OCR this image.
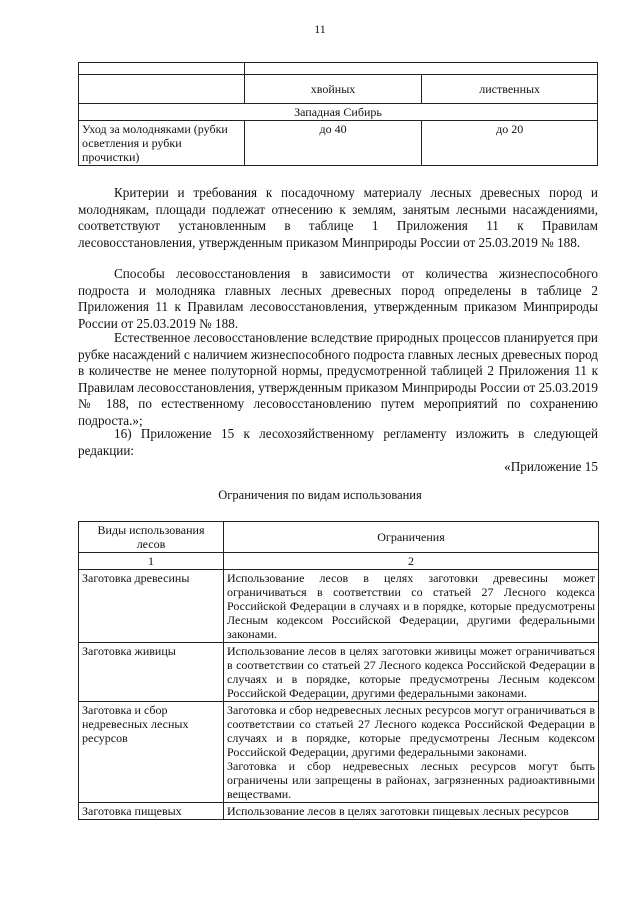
11

	хвойных	лиственных
Западная Сибирь		
Уход за молодняками (рубки осветления и рубки прочистки)	до 40	до 20
Критерии и требования к посадочному материалу лесных древесных пород и молоднякам, площади подлежат отнесению к землям, занятым лесными насаждениями, соответствуют установленным в таблице 1 Приложения 11 к Правилам лесовосстановления, утвержденным приказом Минприроды России от 25.03.2019 № 188.
Способы лесовосстановления в зависимости от количества жизнеспособного подроста и молодняка главных лесных древесных пород определены в таблице 2 Приложения 11 к Правилам лесовосстановления, утвержденным приказом Минприроды России от 25.03.2019 № 188.
Естественное лесовосстановление вследствие природных процессов планируется при рубке насаждений с наличием жизнеспособного подроста главных лесных древесных пород в количестве не менее полуторной нормы, предусмотренной таблицей 2 Приложения 11 к Правилам лесовосстановления, утвержденным приказом Минприроды России от 25.03.2019 № 188, по естественному лесовосстановлению путем мероприятий по сохранению подроста.»;
16) Приложение 15 к лесохозяйственному регламенту изложить в следующей редакции:
«Приложение 15
Ограничения по видам использования
Виды использования лесов	Ограничения
1	2
Заготовка древесины	Использование лесов в целях заготовки древесины может ограничиваться в соответствии со статьей 27 Лесного кодекса Российской Федерации в случаях и в порядке, которые предусмотрены Лесным кодексом Российской Федерации, другими федеральными законами.
Заготовка живицы	Использование лесов в целях заготовки живицы может ограничиваться в соответствии со статьей 27 Лесного кодекса Российской Федерации в случаях и в порядке, которые предусмотрены Лесным кодексом Российской Федерации, другими федеральными законами.
Заготовка и сбор недревесных лесных ресурсов	Заготовка и сбор недревесных лесных ресурсов могут ограничиваться в соответствии со статьей 27 Лесного кодекса Российской Федерации в случаях и в порядке, которые предусмотрены Лесным кодексом Российской Федерации, другими федеральными законами.
Заготовка и сбор недревесных лесных ресурсов могут быть ограничены или запрещены в районах, загрязненных радиоактивными веществами.

Заготовка пищевых	Использование лесов в целях заготовки пищевых лесных ресурсов
